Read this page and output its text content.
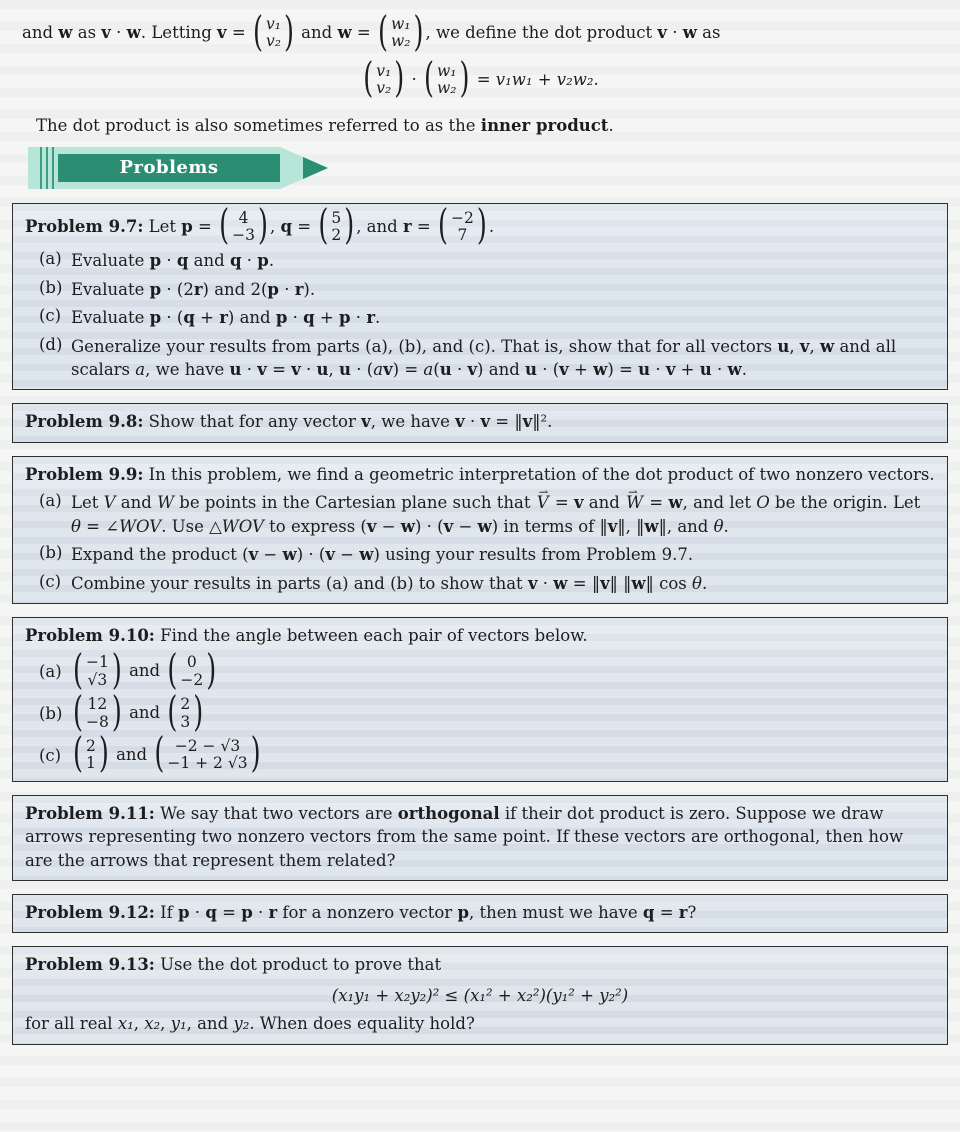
and w as v · w. Letting v = ( v₁
v₂
) and w = ( w₁
w₂
) , we define the dot product v · w as

( v₁
v₂
) · ( w₁
w₂
) = v₁w₁ + v₂w₂.

The dot product is also sometimes referred to as the inner product.

Problems
Problem 9.7: Let p = ( 4
−3
) , q = ( 5
2
) , and r = ( −2
7
) .
(a) Evaluate p · q and q · p.
(b) Evaluate p · (2r) and 2(p · r).
(c) Evaluate p · (q + r) and p · q + p · r.
(d) Generalize your results from parts (a), (b), and (c). That is, show that for all vectors u, v, w and all scalars a, we have u · v = v · u, u · (av) = a(u · v) and u · (v + w) = u · v + u · w.
Problem 9.8: Show that for any vector v, we have v · v = ‖v‖².
Problem 9.9: In this problem, we find a geometric interpretation of the dot product of two nonzero vectors.
(a) Let V and W be points in the Cartesian plane such that V ⇀ = v and W ⇀ = w, and let O be the origin. Let θ = ∠WOV. Use △WOV to express (v − w) · (v − w) in terms of ‖v‖, ‖w‖, and θ.
(b) Expand the product (v − w) · (v − w) using your results from Problem 9.7.
(c) Combine your results in parts (a) and (b) to show that v · w = ‖v‖ ‖w‖ cos θ.
Problem 9.10: Find the angle between each pair of vectors below.
(a)	( −1
√3
) and ( 0
−2
)
(b)	( 12
−8
) and ( 2
3
)
(c)	( 2
1
) and ( −2 − √3
−1 + 2 √3
)
Problem 9.11: We say that two vectors are orthogonal if their dot product is zero. Suppose we draw arrows representing two nonzero vectors from the same point. If these vectors are orthogonal, then how are the arrows that represent them related?
Problem 9.12: If p · q = p · r for a nonzero vector p, then must we have q = r?
Problem 9.13: Use the dot product to prove that
(x₁y₁ + x₂y₂)² ≤ (x₁² + x₂²)(y₁² + y₂²)
for all real x₁, x₂, y₁, and y₂. When does equality hold?
